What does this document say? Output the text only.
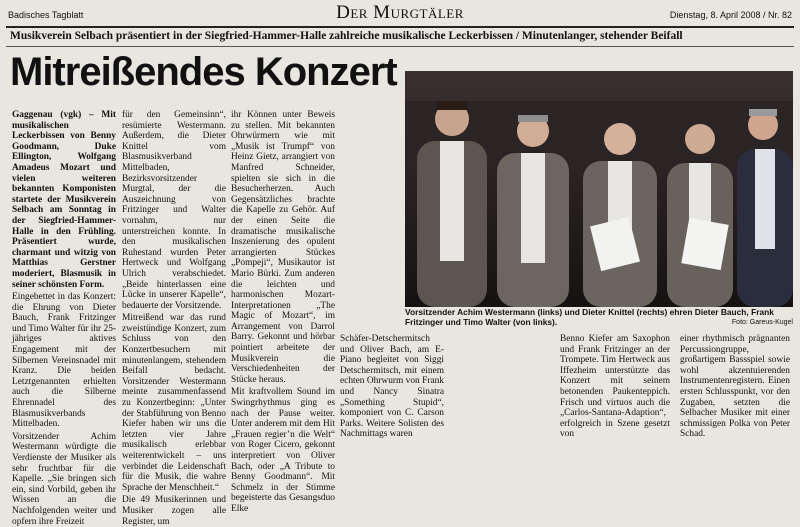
Badisches Tagblatt	Der Murgtäler	Dienstag, 8. April 2008 / Nr. 82
Musikverein Selbach präsentiert in der Siegfried-Hammer-Halle zahlreiche musikalische Leckerbissen / Minutenlanger, stehender Beifall
Mitreißendes Konzert

Gaggenau (vgk) – Mit musikalischen Leckerbissen von Benny Goodmann, Duke Ellington, Wolfgang Amadeus Mozart und vielen weiteren bekannten Komponisten startete der Musikverein Selbach am Sonntag in der Siegfried-Hammer-Halle in den Frühling. Präsentiert wurde, charmant und witzig von Matthias Gerstner moderiert, Blasmusik in seiner schönsten Form.

Eingebettet in das Konzert: die Ehrung von Dieter Bauch, Frank Fritzinger und Timo Walter für ihr 25-jähriges aktives Engagement mit der Silbernen Vereinsnadel mit Kranz. Die beiden Letztgenannten erhielten auch die Silberne Ehrennadel des Blasmusikverbands Mittelbaden.

Vorsitzender Achim Westermann würdigte die Verdienste der Musiker als sehr fruchtbar für die Kapelle. „Sie bringen sich ein, sind Vorbild, geben ihr Wissen an die Nachfolgenden weiter und opfern ihre Freizeit

für den Gemeinsinn“, resümierte Westermann. Außerdem, die Dieter Knittel vom Blasmusikverband Mittelbaden, Bezirksvorsitzender Murgtal, der die Auszeichnung von Fritzinger und Walter vornahm, nur unterstreichen konnte. In den musikalischen Ruhestand wurden Peter Hertweck und Wolfgang Ulrich verabschiedet. „Beide hinterlassen eine Lücke in unserer Kapelle“, bedauerte der Vorsitzende.

Mitreißend war das rund zweistündige Konzert, zum Schluss von den Konzertbesuchern mit minutenlangem, stehendem Beifall bedacht. Vorsitzender Westermann meinte zusammenfassend zu Konzertbeginn: „Unter der Stabführung von Benno Kiefer haben wir uns die letzten vier Jahre musikalisch erlebbar weiterentwickelt – uns verbindet die Leidenschaft für die Musik, die wahre Sprache der Menschheit.“

Die 49 Musikerinnen und Musiker zogen alle Register, um

ihr Können unter Beweis zu stellen. Mit bekannten Ohrwürmern wie mit „Musik ist Trumpf“ von Heinz Gietz, arrangiert von Manfred Schneider, spielten sie sich in die Besucherherzen. Auch Gegensätzliches brachte die Kapelle zu Gehör. Auf der einen Seite die dramatische musikalische Inszenierung des opulent arrangierten Stückes „Pompeji“, Musikautor ist Mario Bürki. Zum anderen die leichten und harmonischen Mozart-Interpretationen „The Magic of Mozart“, im Arrangement von Darrol Barry. Gekonnt und hörbar pointiert arbeitete der Musikverein die Verschiedenheiten der Stücke heraus.

Mit kraftvollem Sound im Swingrhythmus ging es nach der Pause weiter. Unter anderem mit dem Hit „Frauen regier’n die Welt“ von Roger Cicero, gekonnt interpretiert von Oliver Bach, oder „A Tribute to Benny Goodmann“. Mit Schmelz in der Stimme begeisterte das Gesangsduo Elke

Schäfer-Detschermitsch und Oliver Bach, am E-Piano begleitet von Siggi Detschermitsch, mit einem echten Ohrwurm von Frank und Nancy Sinatra „Something Stupid“, komponiert von C. Carson Parks. Weitere Solisten des Nachmittags waren

Benno Kiefer am Saxophon und Frank Fritzinger an der Trompete. Tim Hertweck aus Iffezheim unterstützte das Konzert mit seinem betonenden Paukenteppich. Frisch und virtuos auch die „Carlos-Santana-Adaption“, erfolgreich in Szene gesetzt von

einer rhythmisch prägnanten Percussiongruppe, großartigem Bassspiel sowie wohl akzentuierenden Instrumentenregistern. Einen ersten Schlusspunkt, vor den Zugaben, setzten die Selbacher Musiker mit einer schmissigen Polka von Peter Schad.

Vorsitzender Achim Westermann (links) und Dieter Knittel (rechts) ehren Dieter Bauch, Frank Fritzinger und Timo Walter (von links).	Foto: Gareus-Kugel
